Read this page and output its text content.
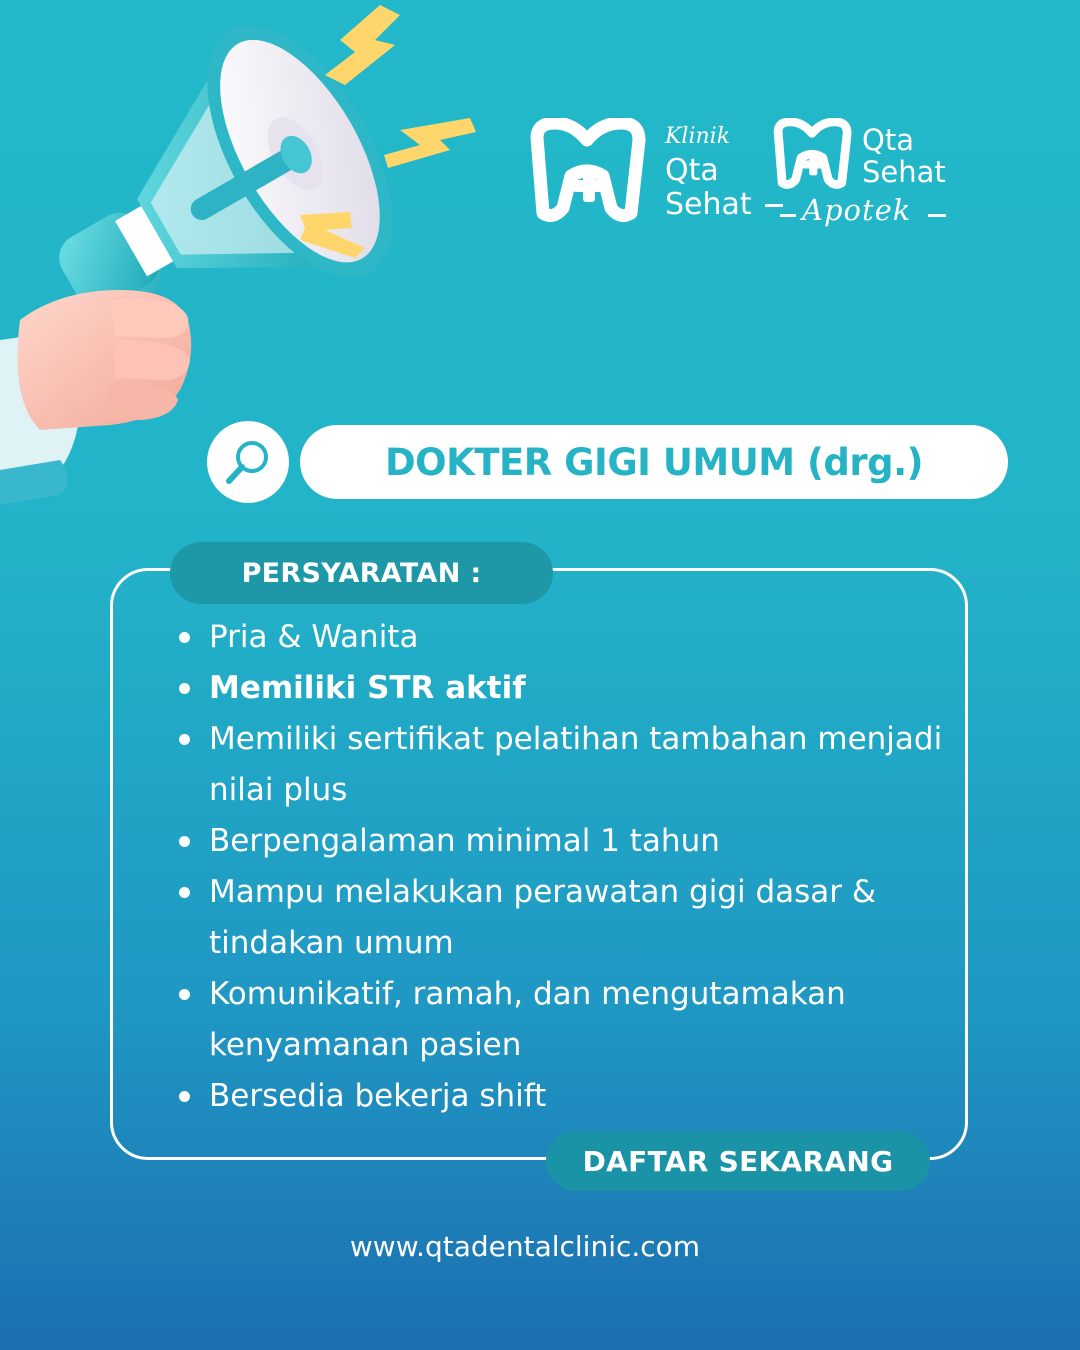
Klinik
Qta
Sehat
Qta
Sehat
Apotek
DOKTER GIGI UMUM (drg.)
PERSYARATAN :
Pria & Wanita
Memiliki STR aktif
Memiliki sertifikat pelatihan tambahan menjadi nilai plus
Berpengalaman minimal 1 tahun
Mampu melakukan perawatan gigi dasar & tindakan umum
Komunikatif, ramah, dan mengutamakan kenyamanan pasien
Bersedia bekerja shift
DAFTAR SEKARANG
www.qtadentalclinic.com
